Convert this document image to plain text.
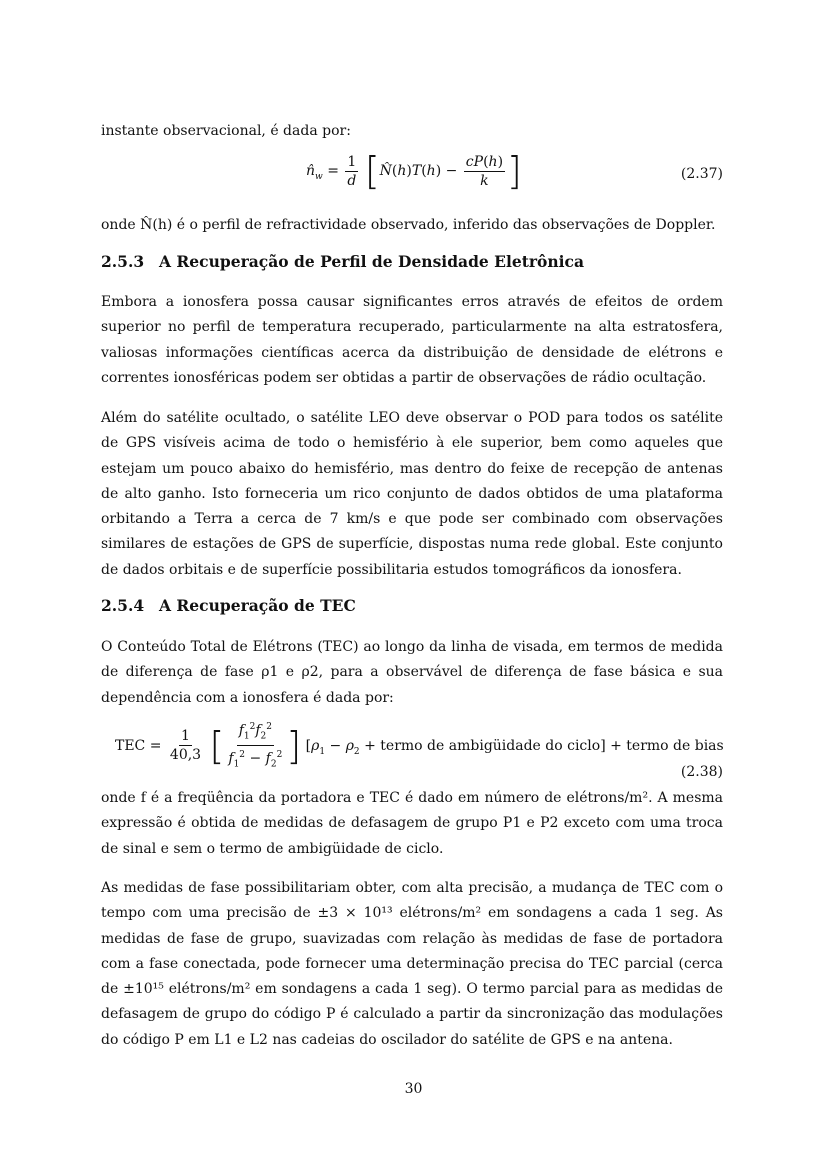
instante observacional, é dada por:

$n̂_w = \frac{1}{d}$ [N̂(h)T(h) − $\frac{cP(h)}{k}$ ]	(2.37)

onde N̂(h) é o perfil de refractividade observado, inferido das observações de Doppler.

2.5.3 A Recuperação de Perfil de Densidade Eletrônica

Embora a ionosfera possa causar significantes erros através de efeitos de ordem superior no perfil de temperatura recuperado, particularmente na alta estratosfera, valiosas informações científicas acerca da distribuição de densidade de elétrons e correntes ionosféricas podem ser obtidas a partir de observações de rádio ocultação.

Além do satélite ocultado, o satélite LEO deve observar o POD para todos os satélite de GPS visíveis acima de todo o hemisfério à ele superior, bem como aqueles que estejam um pouco abaixo do hemisfério, mas dentro do feixe de recepção de antenas de alto ganho. Isto forneceria um rico conjunto de dados obtidos de uma plataforma orbitando a Terra a cerca de 7 km/s e que pode ser combinado com observações similares de estações de GPS de superfície, dispostas numa rede global. Este conjunto de dados orbitais e de superfície possibilitaria estudos tomográficos da ionosfera.

2.5.4 A Recuperação de TEC

O Conteúdo Total de Elétrons (TEC) ao longo da linha de visada, em termos de medida de diferença de fase ρ1 e ρ2, para a observável de diferença de fase básica e sua dependência com a ionosfera é dada por:

TEC = $\frac{1}{40,3}$ [ $\frac{f_1^2f_2^2}{f_1^2 - f_2^2}$ ] [$\rho_1 - \rho_2$ + termo de ambigüidade do ciclo] + termo de bias
(2.38)

onde f é a freqüência da portadora e TEC é dado em número de elétrons/m². A mesma expressão é obtida de medidas de defasagem de grupo P1 e P2 exceto com uma troca de sinal e sem o termo de ambigüidade de ciclo.

As medidas de fase possibilitariam obter, com alta precisão, a mudança de TEC com o tempo com uma precisão de ±3 × 10¹³ elétrons/m² em sondagens a cada 1 seg. As medidas de fase de grupo, suavizadas com relação às medidas de fase de portadora com a fase conectada, pode fornecer uma determinação precisa do TEC parcial (cerca de ±10¹⁵ elétrons/m² em sondagens a cada 1 seg). O termo parcial para as medidas de defasagem de grupo do código P é calculado a partir da sincronização das modulações do código P em L1 e L2 nas cadeias do oscilador do satélite de GPS e na antena.

30
